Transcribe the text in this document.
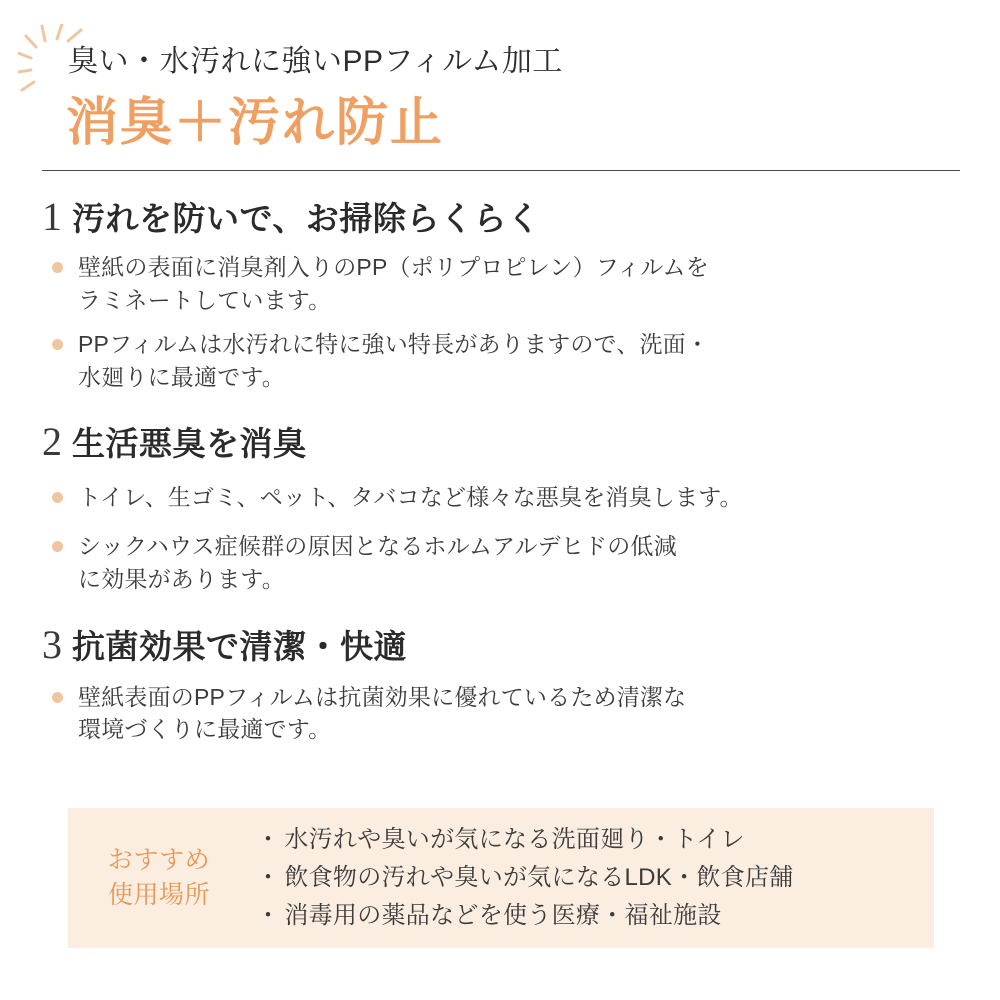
臭い・水汚れに強いPPフィルム加工
消臭＋汚れ防止
1 汚れを防いで、お掃除らくらく
壁紙の表面に消臭剤入りのPP（ポリプロピレン）フィルムを
ラミネートしています。
PPフィルムは水汚れに特に強い特長がありますので、洗面・
水廻りに最適です。
2 生活悪臭を消臭
トイレ、生ゴミ、ペット、タバコなど様々な悪臭を消臭します。
シックハウス症候群の原因となるホルムアルデヒドの低減
に効果があります。
3 抗菌効果で清潔・快適
壁紙表面のPPフィルムは抗菌効果に優れているため清潔な
環境づくりに最適です。
おすすめ
使用場所
・ 水汚れや臭いが気になる洗面廻り・トイレ
・ 飲食物の汚れや臭いが気になるLDK・飲食店舗
・ 消毒用の薬品などを使う医療・福祉施設
